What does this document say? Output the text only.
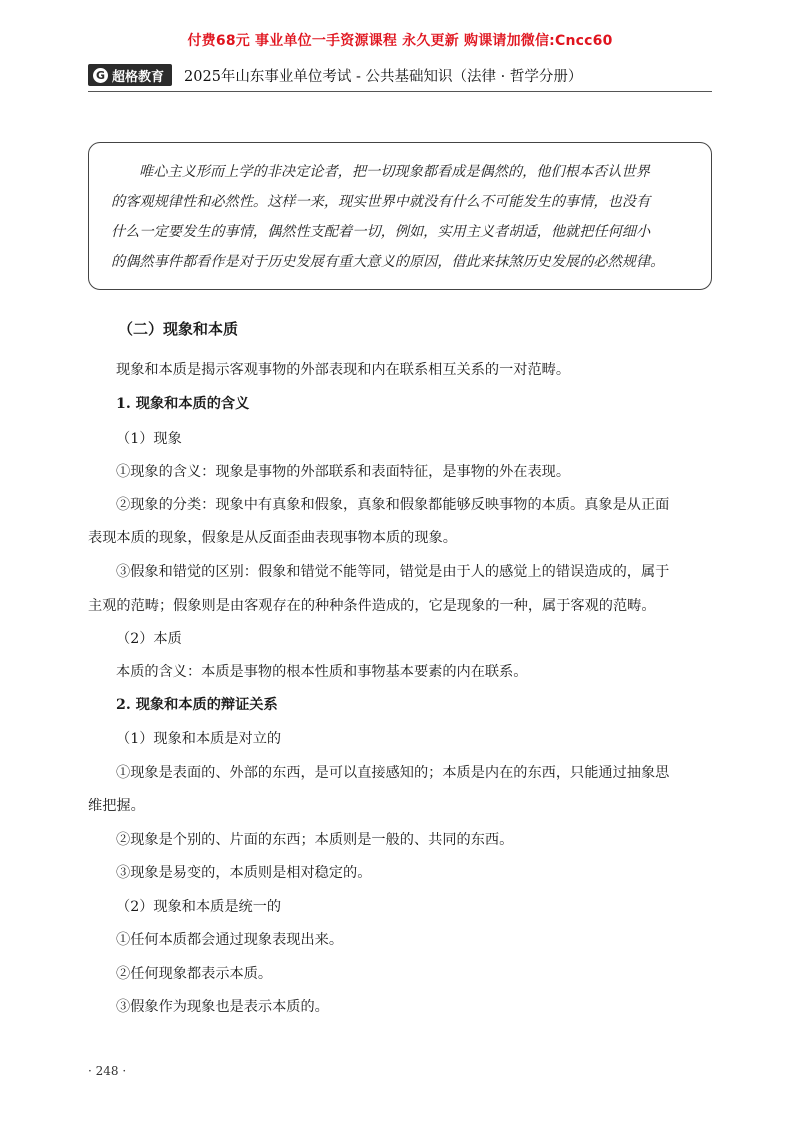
付费68元 事业单位一手资源课程 永久更新 购课请加微信:Cncc60
G 超格教育 2025年山东事业单位考试 - 公共基础知识（法律 · 哲学分册）
唯心主义形而上学的非决定论者，把一切现象都看成是偶然的，他们根本否认世界
的客观规律性和必然性。这样一来，现实世界中就没有什么不可能发生的事情，也没有
什么一定要发生的事情，偶然性支配着一切，例如，实用主义者胡适，他就把任何细小
的偶然事件都看作是对于历史发展有重大意义的原因，借此来抹煞历史发展的必然规律。
（二）现象和本质
现象和本质是揭示客观事物的外部表现和内在联系相互关系的一对范畴。
1. 现象和本质的含义
（1）现象
①现象的含义：现象是事物的外部联系和表面特征，是事物的外在表现。
②现象的分类：现象中有真象和假象，真象和假象都能够反映事物的本质。真象是从正面
表现本质的现象，假象是从反面歪曲表现事物本质的现象。
③假象和错觉的区别：假象和错觉不能等同，错觉是由于人的感觉上的错误造成的，属于
主观的范畴；假象则是由客观存在的种种条件造成的，它是现象的一种，属于客观的范畴。
（2）本质
本质的含义：本质是事物的根本性质和事物基本要素的内在联系。
2. 现象和本质的辩证关系
（1）现象和本质是对立的
①现象是表面的、外部的东西，是可以直接感知的；本质是内在的东西，只能通过抽象思
维把握。
②现象是个别的、片面的东西；本质则是一般的、共同的东西。
③现象是易变的，本质则是相对稳定的。
（2）现象和本质是统一的
①任何本质都会通过现象表现出来。
②任何现象都表示本质。
③假象作为现象也是表示本质的。
· 248 ·
